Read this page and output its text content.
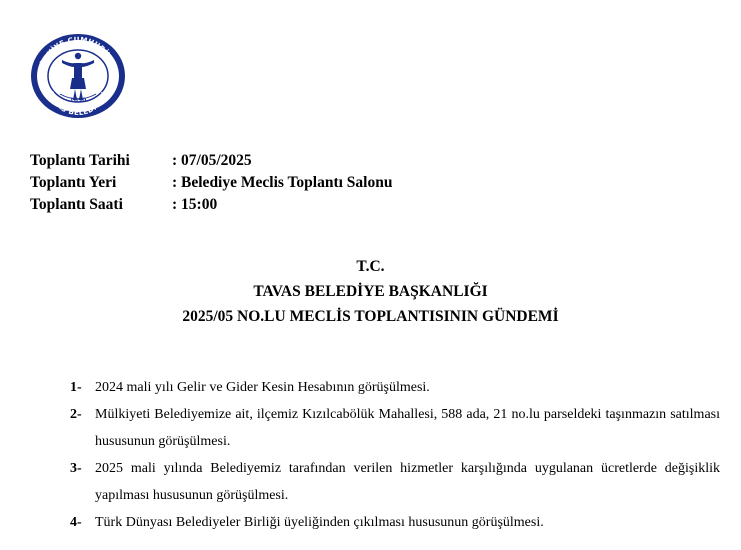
TÜRKİYE CUMHURİYETİ
TAVAS BELEDİYESİ
1890
Toplantı Tarihi	: 07/05/2025
Toplantı Yeri	: Belediye Meclis Toplantı Salonu
Toplantı Saati	: 15:00
T.C.
TAVAS BELEDİYE BAŞKANLIĞI
2025/05 NO.LU MECLİS TOPLANTISININ GÜNDEMİ
1- 2024 mali yılı Gelir ve Gider Kesin Hesabının görüşülmesi.
2- Mülkiyeti Belediyemize ait, ilçemiz Kızılcabölük Mahallesi, 588 ada, 21 no.lu parseldeki taşınmazın satılması hususunun görüşülmesi.
3- 2025 mali yılında Belediyemiz tarafından verilen hizmetler karşılığında uygulanan ücretlerde değişiklik yapılması hususunun görüşülmesi.
4- Türk Dünyası Belediyeler Birliği üyeliğinden çıkılması hususunun görüşülmesi.
